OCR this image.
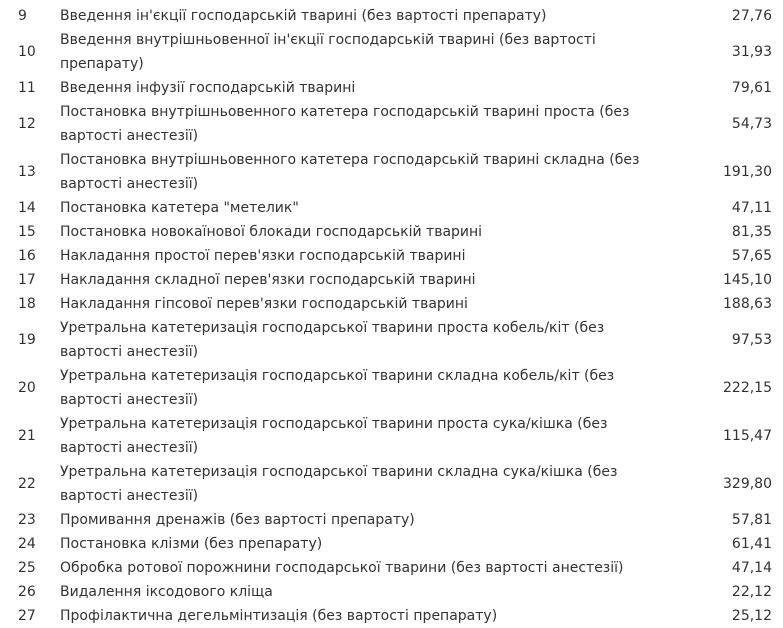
9	Введення ін'єкції господарській тварині (без вартості препарату)	27,76
10	Введення внутрішньовенної ін'єкції господарській тварині (без вартості препарату)	31,93
11	Введення інфузії господарській тварині	79,61
12	Постановка внутрішньовенного катетера господарській тварині проста (без вартості анестезії)	54,73
13	Постановка внутрішньовенного катетера господарській тварині складна (без вартості анестезії)	191,30
14	Постановка катетера "метелик"	47,11
15	Постановка новокаїнової блокади господарській тварині	81,35
16	Накладання простої перев'язки господарській тварині	57,65
17	Накладання складної перев'язки господарській тварині	145,10
18	Накладання гіпсової перев'язки господарській тварині	188,63
19	Уретральна катетеризація господарської тварини проста кобель/кіт (без вартості анестезії)	97,53
20	Уретральна катетеризація господарської тварини складна кобель/кіт (без вартості анестезії)	222,15
21	Уретральна катетеризація господарської тварини проста сука/кішка (без вартості анестезії)	115,47
22	Уретральна катетеризація господарської тварини складна сука/кішка (без вартості анестезії)	329,80
23	Промивання дренажів (без вартості препарату)	57,81
24	Постановка клізми (без препарату)	61,41
25	Обробка ротової порожнини господарської тварини (без вартості анестезії)	47,14
26	Видалення іксодового кліща	22,12
27	Профілактична дегельмінтизація (без вартості препарату)	25,12
